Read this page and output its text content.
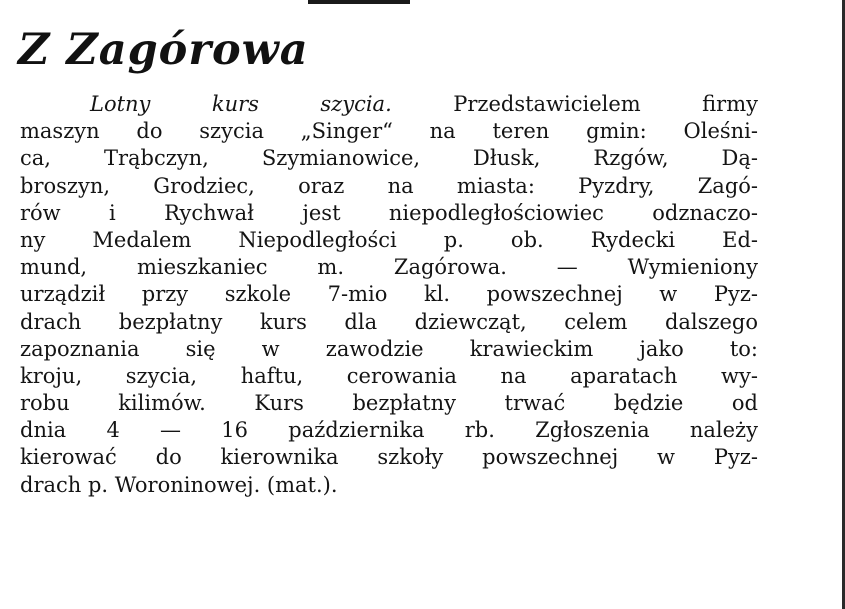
Z Zagórowa
Lotny kurs szycia.	Przedstawicielem firmy
maszyn do szycia „Singer“ na teren gmin: Oleśni-
ca, Trąbczyn, Szymianowice, Dłusk, Rzgów, Dą-
broszyn, Grodziec, oraz na miasta: Pyzdry, Zagó-
rów i Rychwał jest niepodległościowiec odznaczo-
ny Medalem Niepodległości p. ob. Rydecki Ed-
mund, mieszkaniec m. Zagórowa. — Wymieniony
urządził przy szkole 7-mio kl. powszechnej w Pyz-
drach bezpłatny kurs dla dziewcząt, celem dalszego
zapoznania się w zawodzie krawieckim jako to:
kroju, szycia, haftu, cerowania na aparatach wy-
robu kilimów. Kurs bezpłatny trwać będzie od
dnia 4 — 16 października rb. Zgłoszenia należy
kierować do kierownika szkoły powszechnej w Pyz-
drach p. Woroninowej. (mat.).
